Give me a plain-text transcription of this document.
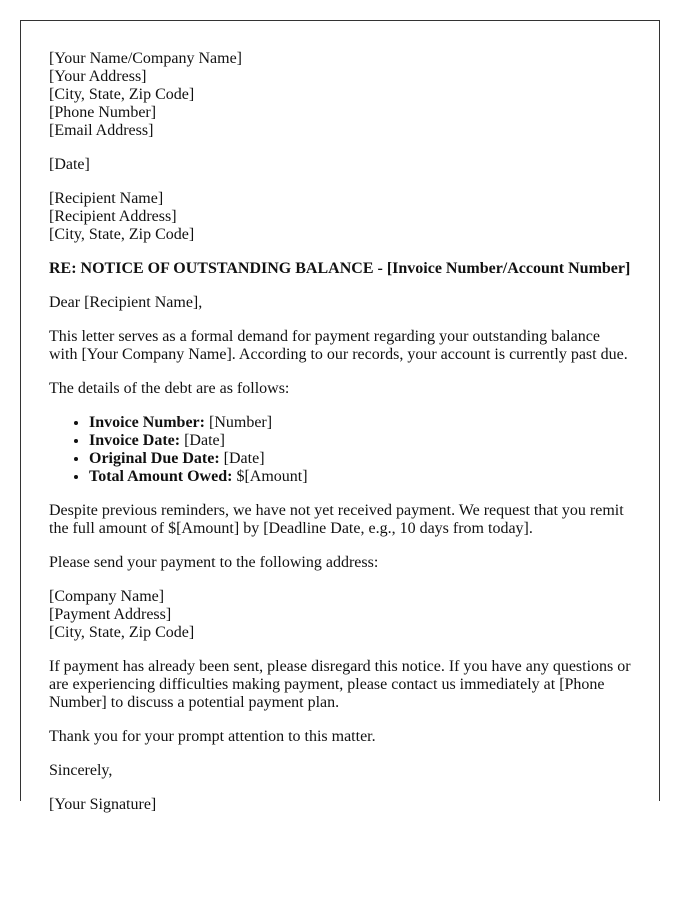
[Your Name/Company Name]
[Your Address]
[City, State, Zip Code]
[Phone Number]
[Email Address]
[Date]
[Recipient Name]
[Recipient Address]
[City, State, Zip Code]
RE: NOTICE OF OUTSTANDING BALANCE - [Invoice Number/Account Number]

Dear [Recipient Name],

This letter serves as a formal demand for payment regarding your outstanding balance with [Your Company Name]. According to our records, your account is currently past due.

The details of the debt are as follows:

• Invoice Number: [Number]
• Invoice Date: [Date]
• Original Due Date: [Date]
• Total Amount Owed: $[Amount]

Despite previous reminders, we have not yet received payment. We request that you remit the full amount of $[Amount] by [Deadline Date, e.g., 10 days from today].

Please send your payment to the following address:

[Company Name]
[Payment Address]
[City, State, Zip Code]

If payment has already been sent, please disregard this notice. If you have any questions or are experiencing difficulties making payment, please contact us immediately at [Phone Number] to discuss a potential payment plan.

Thank you for your prompt attention to this matter.

Sincerely,

[Your Signature]
